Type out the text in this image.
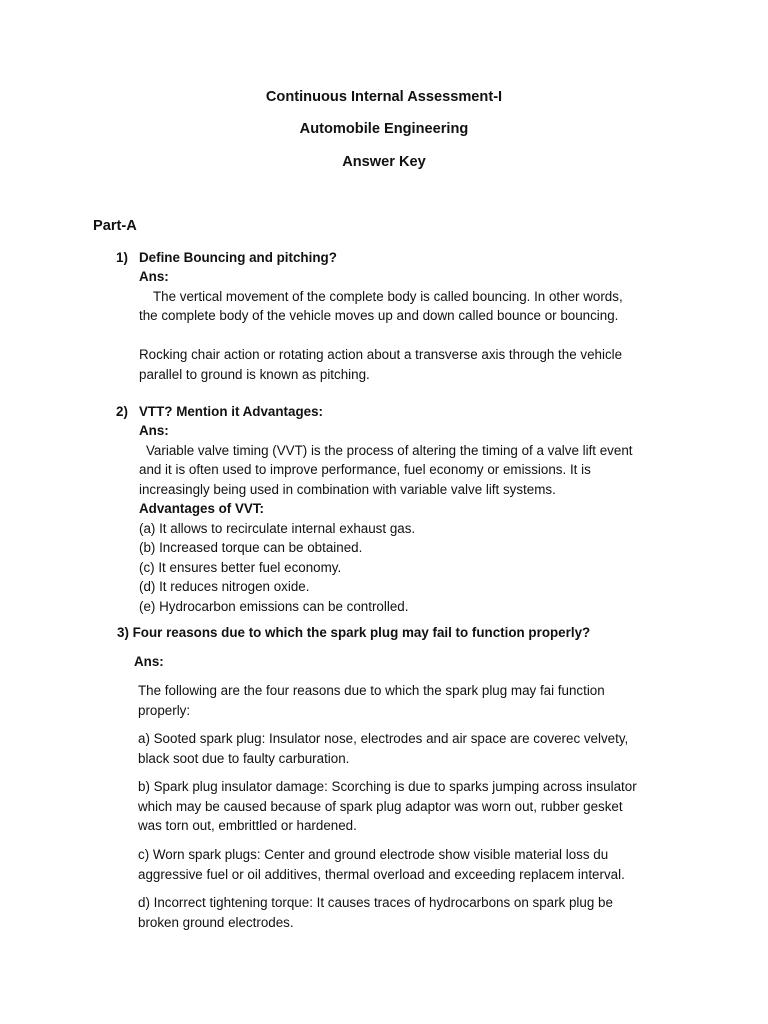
Continuous Internal Assessment-I
Automobile Engineering
Answer Key
Part-A
1) Define Bouncing and pitching?
Ans:
The vertical movement of the complete body is called bouncing. In other words,
the complete body of the vehicle moves up and down called bounce or bouncing.
Rocking chair action or rotating action about a transverse axis through the vehicle
parallel to ground is known as pitching.
2) VTT? Mention it Advantages:
Ans:
Variable valve timing (VVT) is the process of altering the timing of a valve lift event
and it is often used to improve performance, fuel economy or emissions. It is
increasingly being used in combination with variable valve lift systems.
Advantages of VVT:
(a) It allows to recirculate internal exhaust gas.
(b) Increased torque can be obtained.
(c) It ensures better fuel economy.
(d) It reduces nitrogen oxide.
(e) Hydrocarbon emissions can be controlled.
3) Four reasons due to which the spark plug may fail to function properly?
Ans:
The following are the four reasons due to which the spark plug may fai function
properly:
a) Sooted spark plug: Insulator nose, electrodes and air space are coverec velvety,
black soot due to faulty carburation.
b) Spark plug insulator damage: Scorching is due to sparks jumping across insulator
which may be caused because of spark plug adaptor was worn out, rubber gesket
was torn out, embrittled or hardened.
c) Worn spark plugs: Center and ground electrode show visible material loss du
aggressive fuel or oil additives, thermal overload and exceeding replacem interval.
d) Incorrect tightening torque: It causes traces of hydrocarbons on spark plug be
broken ground electrodes.
